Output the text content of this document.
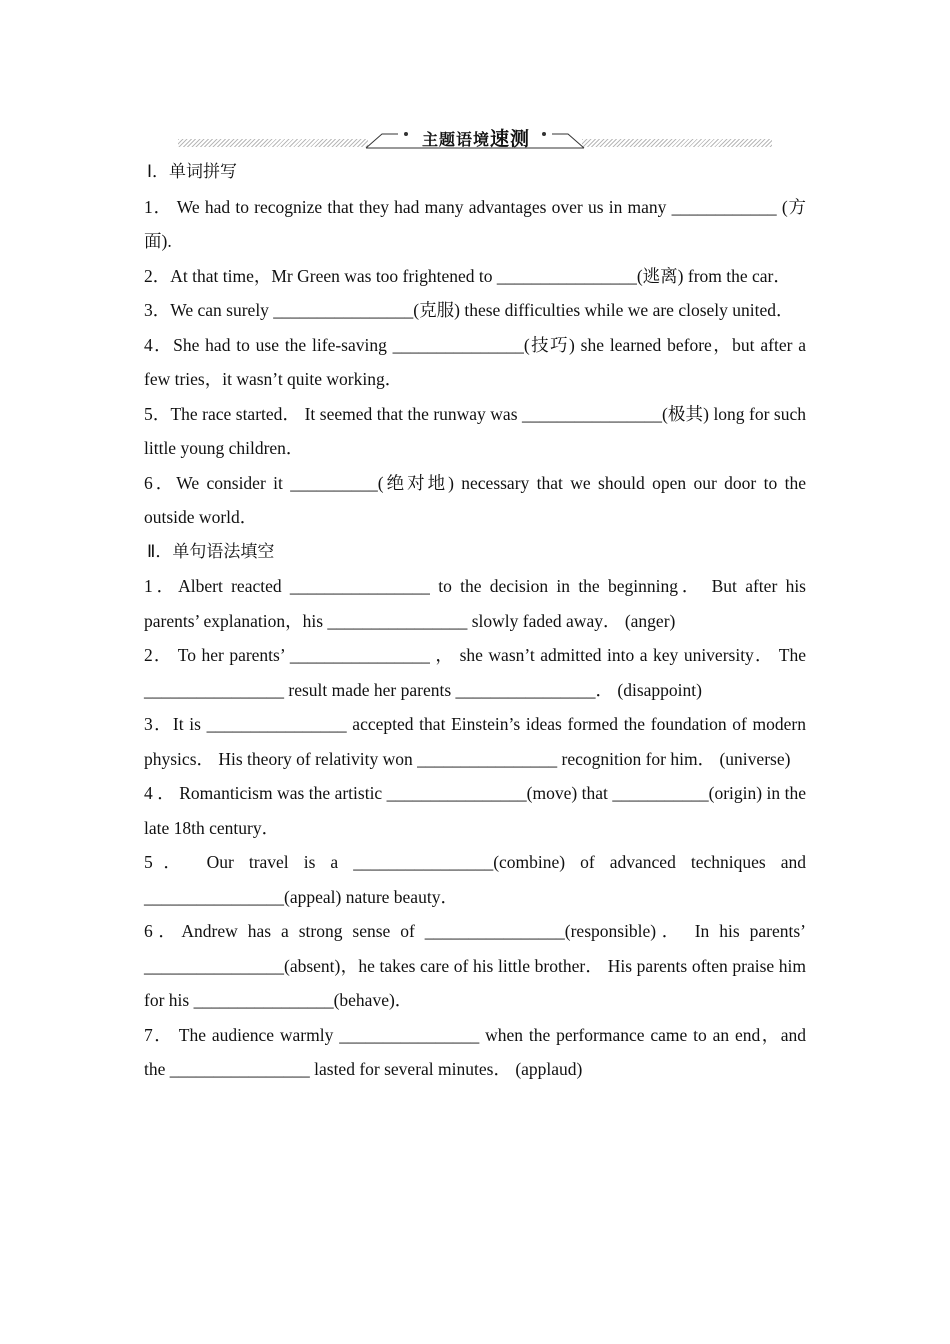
主题语境速测
Ⅰ．单词拼写

1． We had to recognize that they had many advantages over us in many ____________ (方面).

2．At that time，Mr Green was too frightened to ________________(逃离) from the car．

3．We can surely ________________(克服) these difficulties while we are closely united．

4．She had to use the life-saving _______________(技巧) she learned before，but after a few tries，it wasn’t quite working．

5．The race started． It seemed that the runway was ________________(极其) long for such little young children．

6．We consider it __________(绝对地) necessary that we should open our door to the outside world．

Ⅱ．单句语法填空

1．Albert reacted ________________ to the decision in the beginning． But after his parents’ explanation，his ________________ slowly faded away． (anger)

2． To her parents’ ________________ ， she wasn’t admitted into a key university． The ________________ result made her parents ________________． (disappoint)

3．It is ________________ accepted that Einstein’s ideas formed the foundation of modern physics． His theory of relativity won ________________ recognition for him． (universe)

4 ． Romanticism was the artistic ________________(move) that ___________(origin) in the late 18th century．

5． Our travel is a ________________(combine) of advanced techniques and ________________(appeal) nature beauty．

6．Andrew has a strong sense of ________________(responsible)． In his parents’ ________________(absent)，he takes care of his little brother． His parents often praise him for his ________________(behave)．

7． The audience warmly ________________ when the performance came to an end，and the ________________ lasted for several minutes． (applaud)
